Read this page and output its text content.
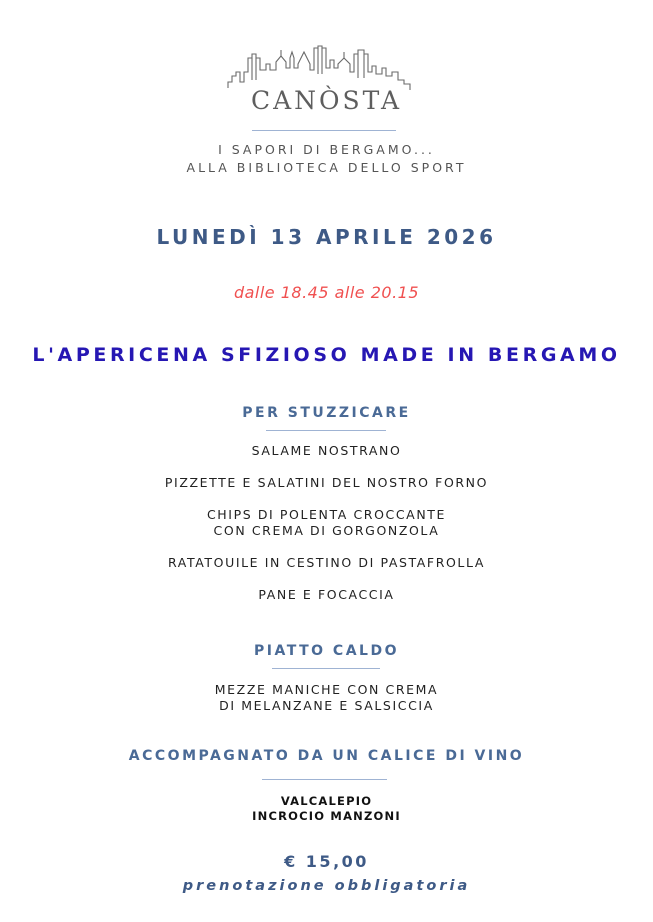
CANÒSTA
I SAPORI DI BERGAMO...
ALLA BIBLIOTECA DELLO SPORT
LUNEDÌ 13 APRILE 2026
dalle 18.45 alle 20.15
L'APERICENA SFIZIOSO MADE IN BERGAMO
PER STUZZICARE
SALAME NOSTRANO
PIZZETTE E SALATINI DEL NOSTRO FORNO
CHIPS DI POLENTA CROCCANTE
CON CREMA DI GORGONZOLA
RATATOUILE IN CESTINO DI PASTAFROLLA
PANE E FOCACCIA
PIATTO CALDO
MEZZE MANICHE CON CREMA
DI MELANZANE E SALSICCIA
ACCOMPAGNATO DA UN CALICE DI VINO
VALCALEPIO
INCROCIO MANZONI
€ 15,00
prenotazione obbligatoria
